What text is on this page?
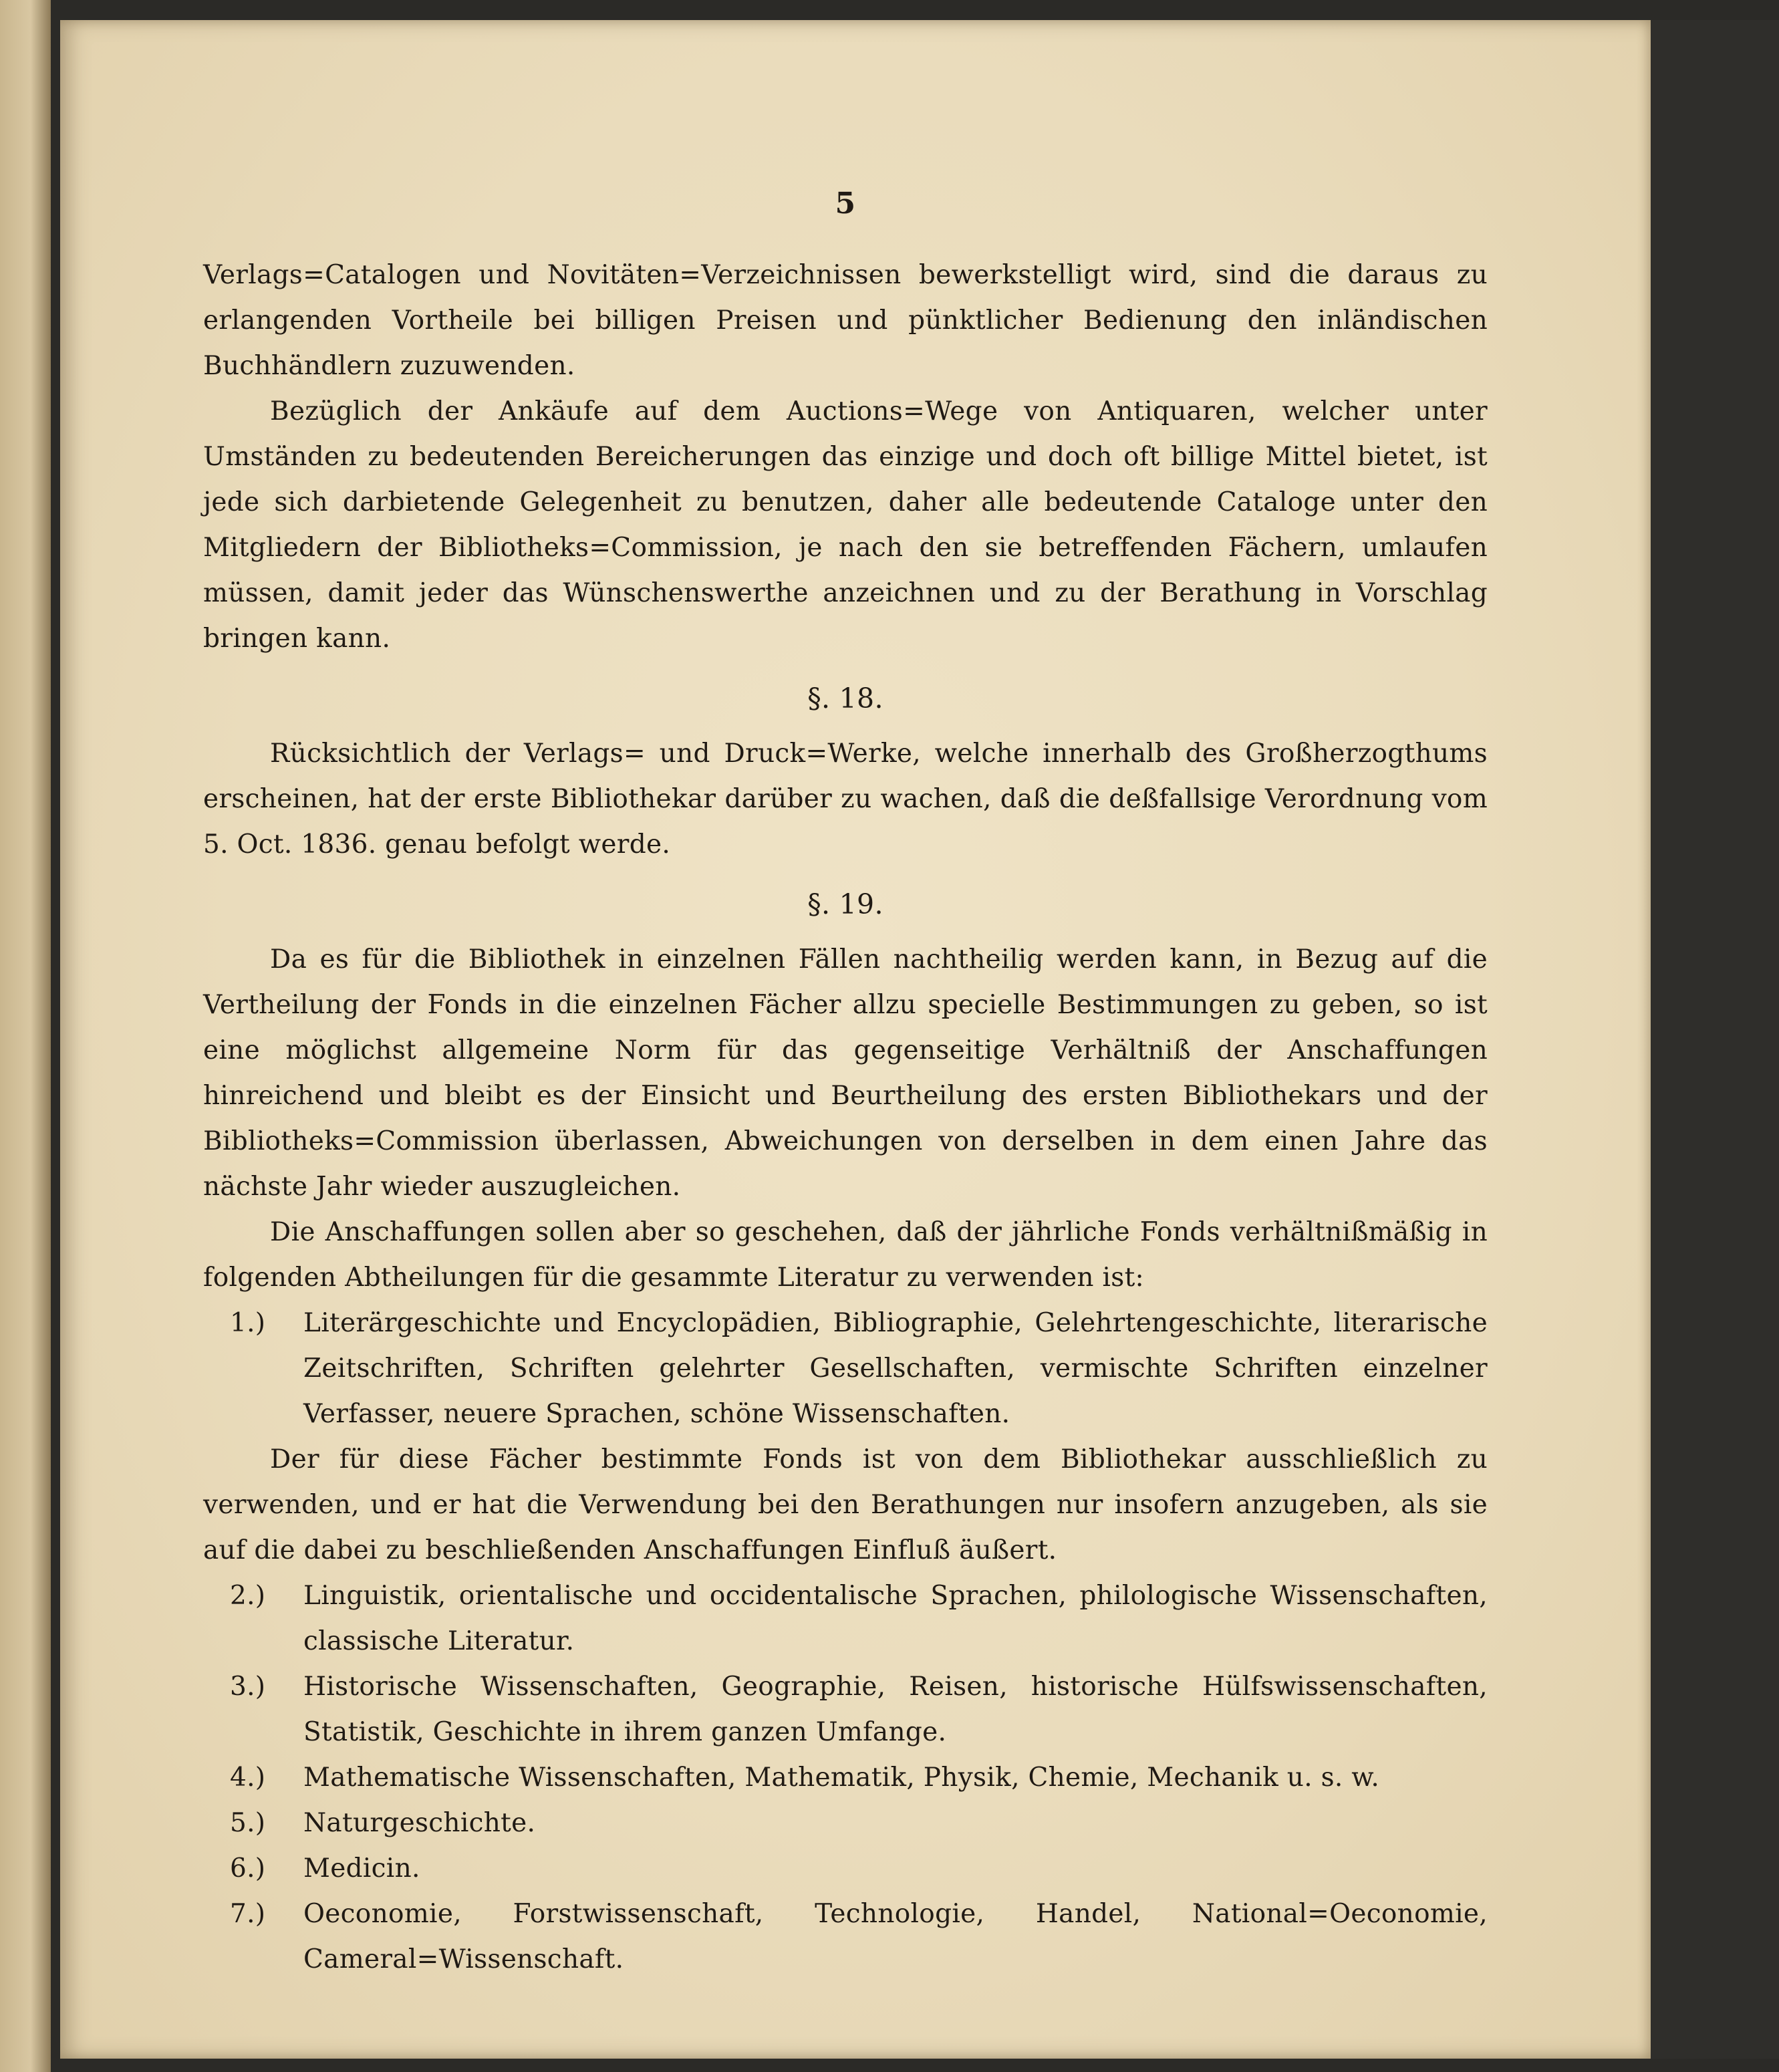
5

Verlags=Catalogen und Novitäten=Verzeichnissen bewerkstelligt wird, sind die daraus zu erlangenden Vortheile bei billigen Preisen und pünktlicher Bedienung den inländischen Buchhändlern zuzuwenden.

Bezüglich der Ankäufe auf dem Auctions=Wege von Antiquaren, welcher unter Umständen zu bedeutenden Bereicherungen das einzige und doch oft billige Mittel bietet, ist jede sich darbietende Gelegenheit zu benutzen, daher alle bedeutende Cataloge unter den Mitgliedern der Bibliotheks=Commission, je nach den sie betreffenden Fächern, umlaufen müssen, damit jeder das Wünschenswerthe anzeichnen und zu der Berathung in Vorschlag bringen kann.

§. 18.

Rücksichtlich der Verlags= und Druck=Werke, welche innerhalb des Großherzogthums erscheinen, hat der erste Bibliothekar darüber zu wachen, daß die deßfallsige Verordnung vom 5. Oct. 1836. genau befolgt werde.

§. 19.

Da es für die Bibliothek in einzelnen Fällen nachtheilig werden kann, in Bezug auf die Vertheilung der Fonds in die einzelnen Fächer allzu specielle Bestimmungen zu geben, so ist eine möglichst allgemeine Norm für das gegenseitige Verhältniß der Anschaffungen hinreichend und bleibt es der Einsicht und Beurtheilung des ersten Bibliothekars und der Bibliotheks=Commission überlassen, Abweichungen von derselben in dem einen Jahre das nächste Jahr wieder auszugleichen.

Die Anschaffungen sollen aber so geschehen, daß der jährliche Fonds verhältnißmäßig in folgenden Abtheilungen für die gesammte Literatur zu verwenden ist:

1.)	Literärgeschichte und Encyclopädien, Bibliographie, Gelehrtengeschichte, literarische Zeitschriften, Schriften gelehrter Gesellschaften, vermischte Schriften einzelner Verfasser, neuere Sprachen, schöne Wissenschaften.

Der für diese Fächer bestimmte Fonds ist von dem Bibliothekar ausschließlich zu verwenden, und er hat die Verwendung bei den Berathungen nur insofern anzugeben, als sie auf die dabei zu beschließenden Anschaffungen Einfluß äußert.

2.)	Linguistik, orientalische und occidentalische Sprachen, philologische Wissenschaften, classische Literatur.
3.)	Historische Wissenschaften, Geographie, Reisen, historische Hülfswissenschaften, Statistik, Geschichte in ihrem ganzen Umfange.
4.)	Mathematische Wissenschaften, Mathematik, Physik, Chemie, Mechanik u. s. w.
5.)	Naturgeschichte.
6.)	Medicin.
7.)	Oeconomie, Forstwissenschaft, Technologie, Handel, National=Oeconomie, Cameral=Wissenschaft.
